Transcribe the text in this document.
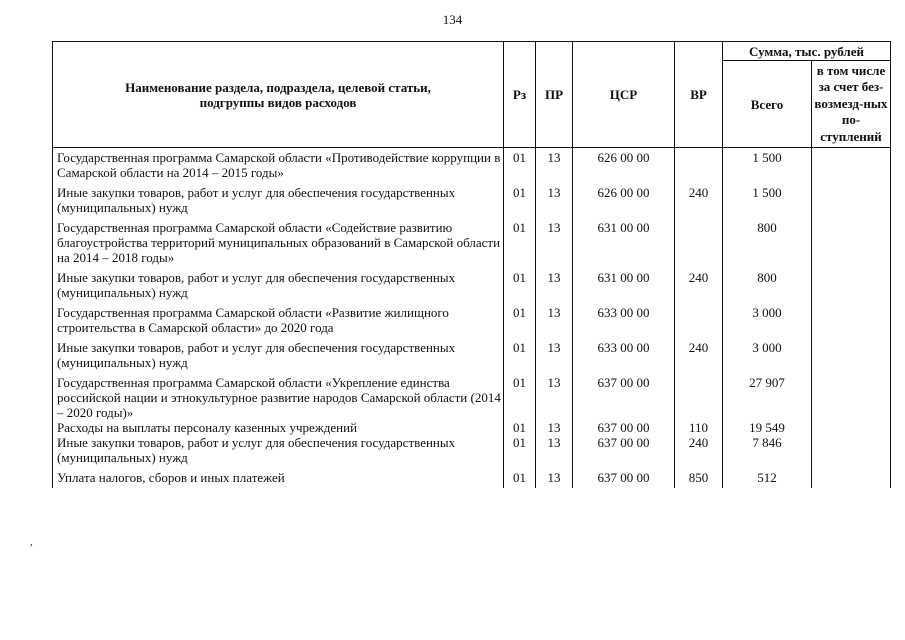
134
Наименование раздела, подраздела, целевой статьи, подгруппы видов расходов	Рз	ПР	ЦСР	ВР	Сумма, тыс. рублей	
					Всего	в том числе за счет без-возмезд-ных по-ступлений
Государственная программа Самарской области «Противодействие коррупции в Самарской области на 2014 – 2015 годы»	01	13	626 00 00		1 500	
Иные закупки товаров, работ и услуг для обеспечения государственных (муниципальных) нужд	01	13	626 00 00	240	1 500	
Государственная программа Самарской области «Содействие развитию благоустройства территорий муниципальных образований в Самарской области на 2014 – 2018 годы»	01	13	631 00 00		800	
Иные закупки товаров, работ и услуг для обеспечения государственных (муниципальных) нужд	01	13	631 00 00	240	800	
Государственная программа Самарской области «Развитие жилищного строительства в Самарской области» до 2020 года	01	13	633 00 00		3 000	
Иные закупки товаров, работ и услуг для обеспечения государственных (муниципальных) нужд	01	13	633 00 00	240	3 000	
Государственная программа Самарской области «Укрепление единства российской нации и этнокультурное развитие народов Самарской области (2014 – 2020 годы)»	01	13	637 00 00		27 907	
Расходы на выплаты персоналу казенных учреждений	01	13	637 00 00	110	19 549	
Иные закупки товаров, работ и услуг для обеспечения государственных (муниципальных) нужд	01	13	637 00 00	240	7 846	
Уплата налогов, сборов и иных платежей	01	13	637 00 00	850	512	
,
